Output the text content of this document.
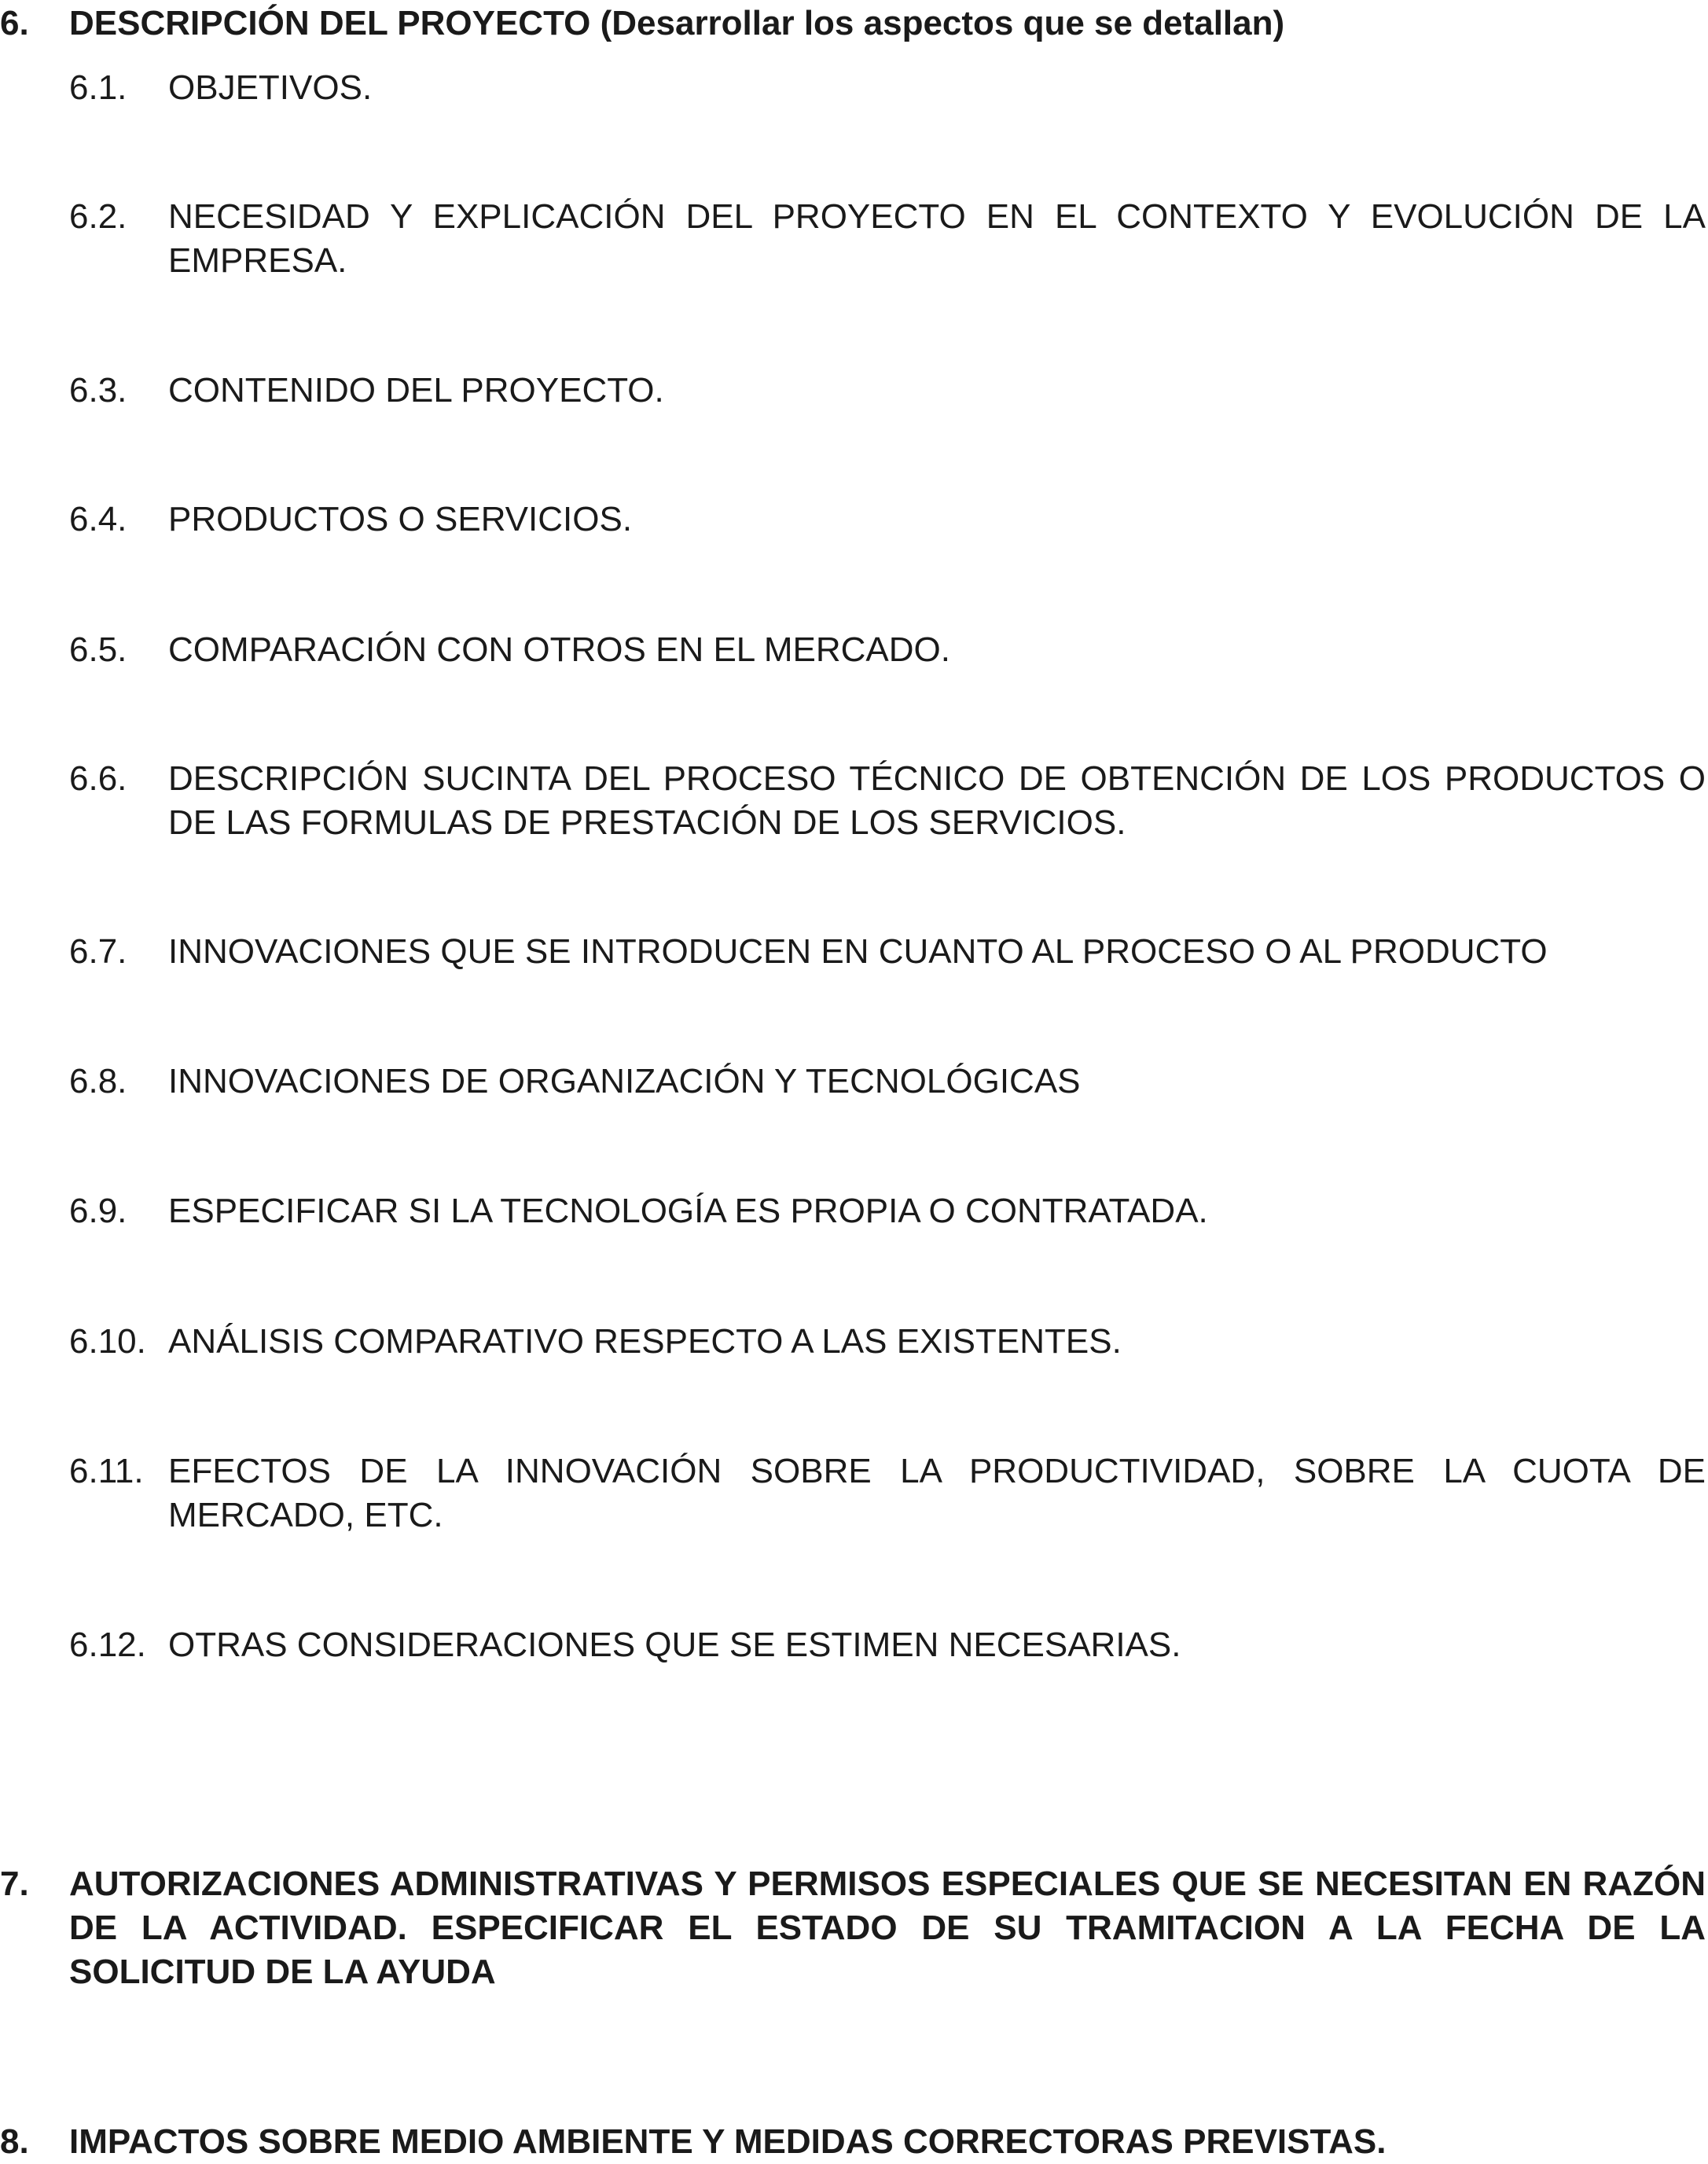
6.	DESCRIPCIÓN DEL PROYECTO (Desarrollar los aspectos que se detallan)
6.1.	OBJETIVOS.
6.2.	NECESIDAD Y EXPLICACIÓN DEL PROYECTO EN EL CONTEXTO Y EVOLUCIÓN DE LA EMPRESA.
6.3.	CONTENIDO DEL PROYECTO.
6.4.	PRODUCTOS O SERVICIOS.
6.5.	COMPARACIÓN CON OTROS EN EL MERCADO.
6.6.	DESCRIPCIÓN SUCINTA DEL PROCESO TÉCNICO DE OBTENCIÓN DE LOS PRODUCTOS O DE LAS FORMULAS DE PRESTACIÓN DE LOS SERVICIOS.
6.7.	INNOVACIONES QUE SE INTRODUCEN EN CUANTO AL PROCESO O AL PRODUCTO
6.8.	INNOVACIONES DE ORGANIZACIÓN Y TECNOLÓGICAS
6.9.	ESPECIFICAR SI LA TECNOLOGÍA ES PROPIA O CONTRATADA.
6.10. ANÁLISIS COMPARATIVO RESPECTO A LAS EXISTENTES.
6.11. EFECTOS DE LA INNOVACIÓN SOBRE LA PRODUCTIVIDAD, SOBRE LA CUOTA DE MERCADO, ETC.
6.12. OTRAS CONSIDERACIONES QUE SE ESTIMEN NECESARIAS.
7.	AUTORIZACIONES ADMINISTRATIVAS Y PERMISOS ESPECIALES QUE SE NECESITAN EN RAZÓN DE LA ACTIVIDAD. ESPECIFICAR EL ESTADO DE SU TRAMITACION A LA FECHA DE LA SOLICITUD DE LA AYUDA
8.	IMPACTOS SOBRE MEDIO AMBIENTE Y MEDIDAS CORRECTORAS PREVISTAS.
